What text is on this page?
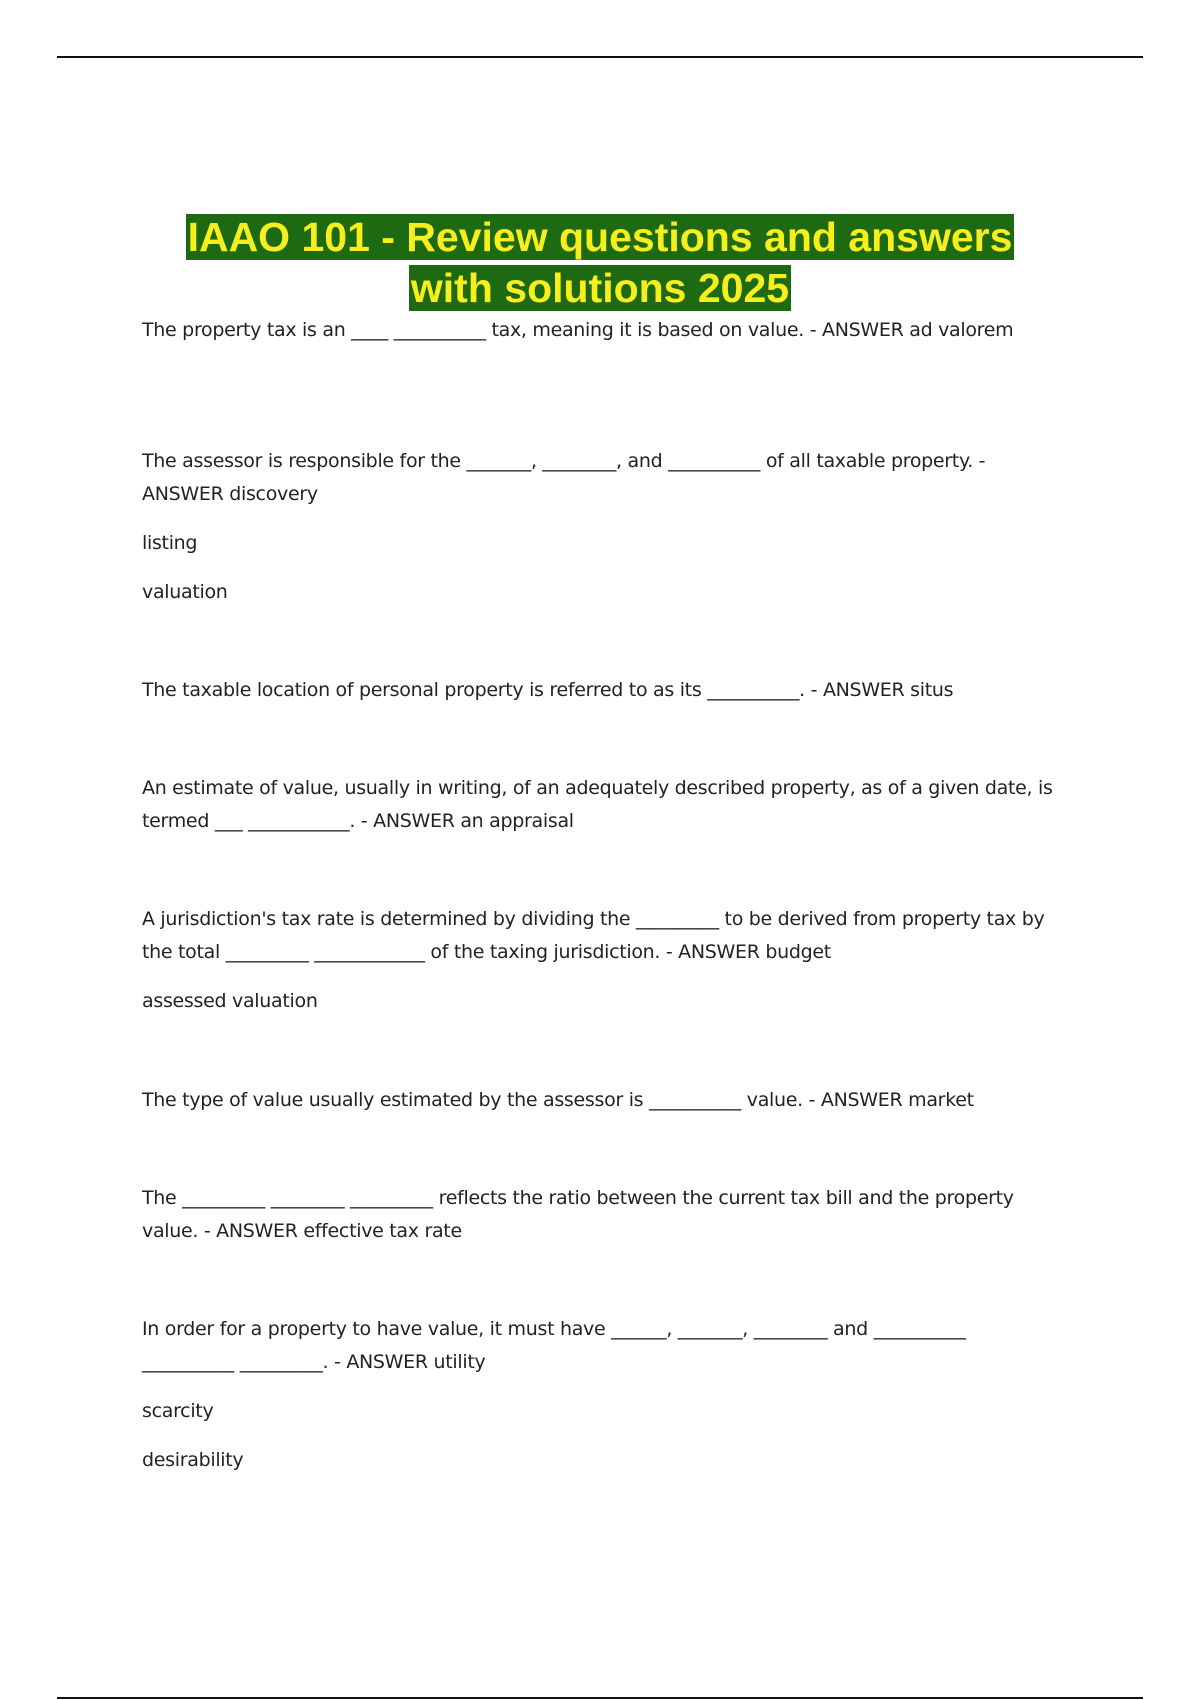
IAAO 101 - Review questions and answers
with solutions 2025

The property tax is an ____ __________ tax, meaning it is based on value. - ANSWER ad valorem

The assessor is responsible for the _______, ________, and __________ of all taxable property. - ANSWER discovery

listing

valuation

The taxable location of personal property is referred to as its __________. - ANSWER situs

An estimate of value, usually in writing, of an adequately described property, as of a given date, is termed ___ ___________. - ANSWER an appraisal

A jurisdiction's tax rate is determined by dividing the _________ to be derived from property tax by the total _________ ____________ of the taxing jurisdiction. - ANSWER budget

assessed valuation

The type of value usually estimated by the assessor is __________ value. - ANSWER market

The _________ ________ _________ reflects the ratio between the current tax bill and the property value. - ANSWER effective tax rate

In order for a property to have value, it must have ______, _______, ________ and __________ __________ _________. - ANSWER utility

scarcity

desirability
